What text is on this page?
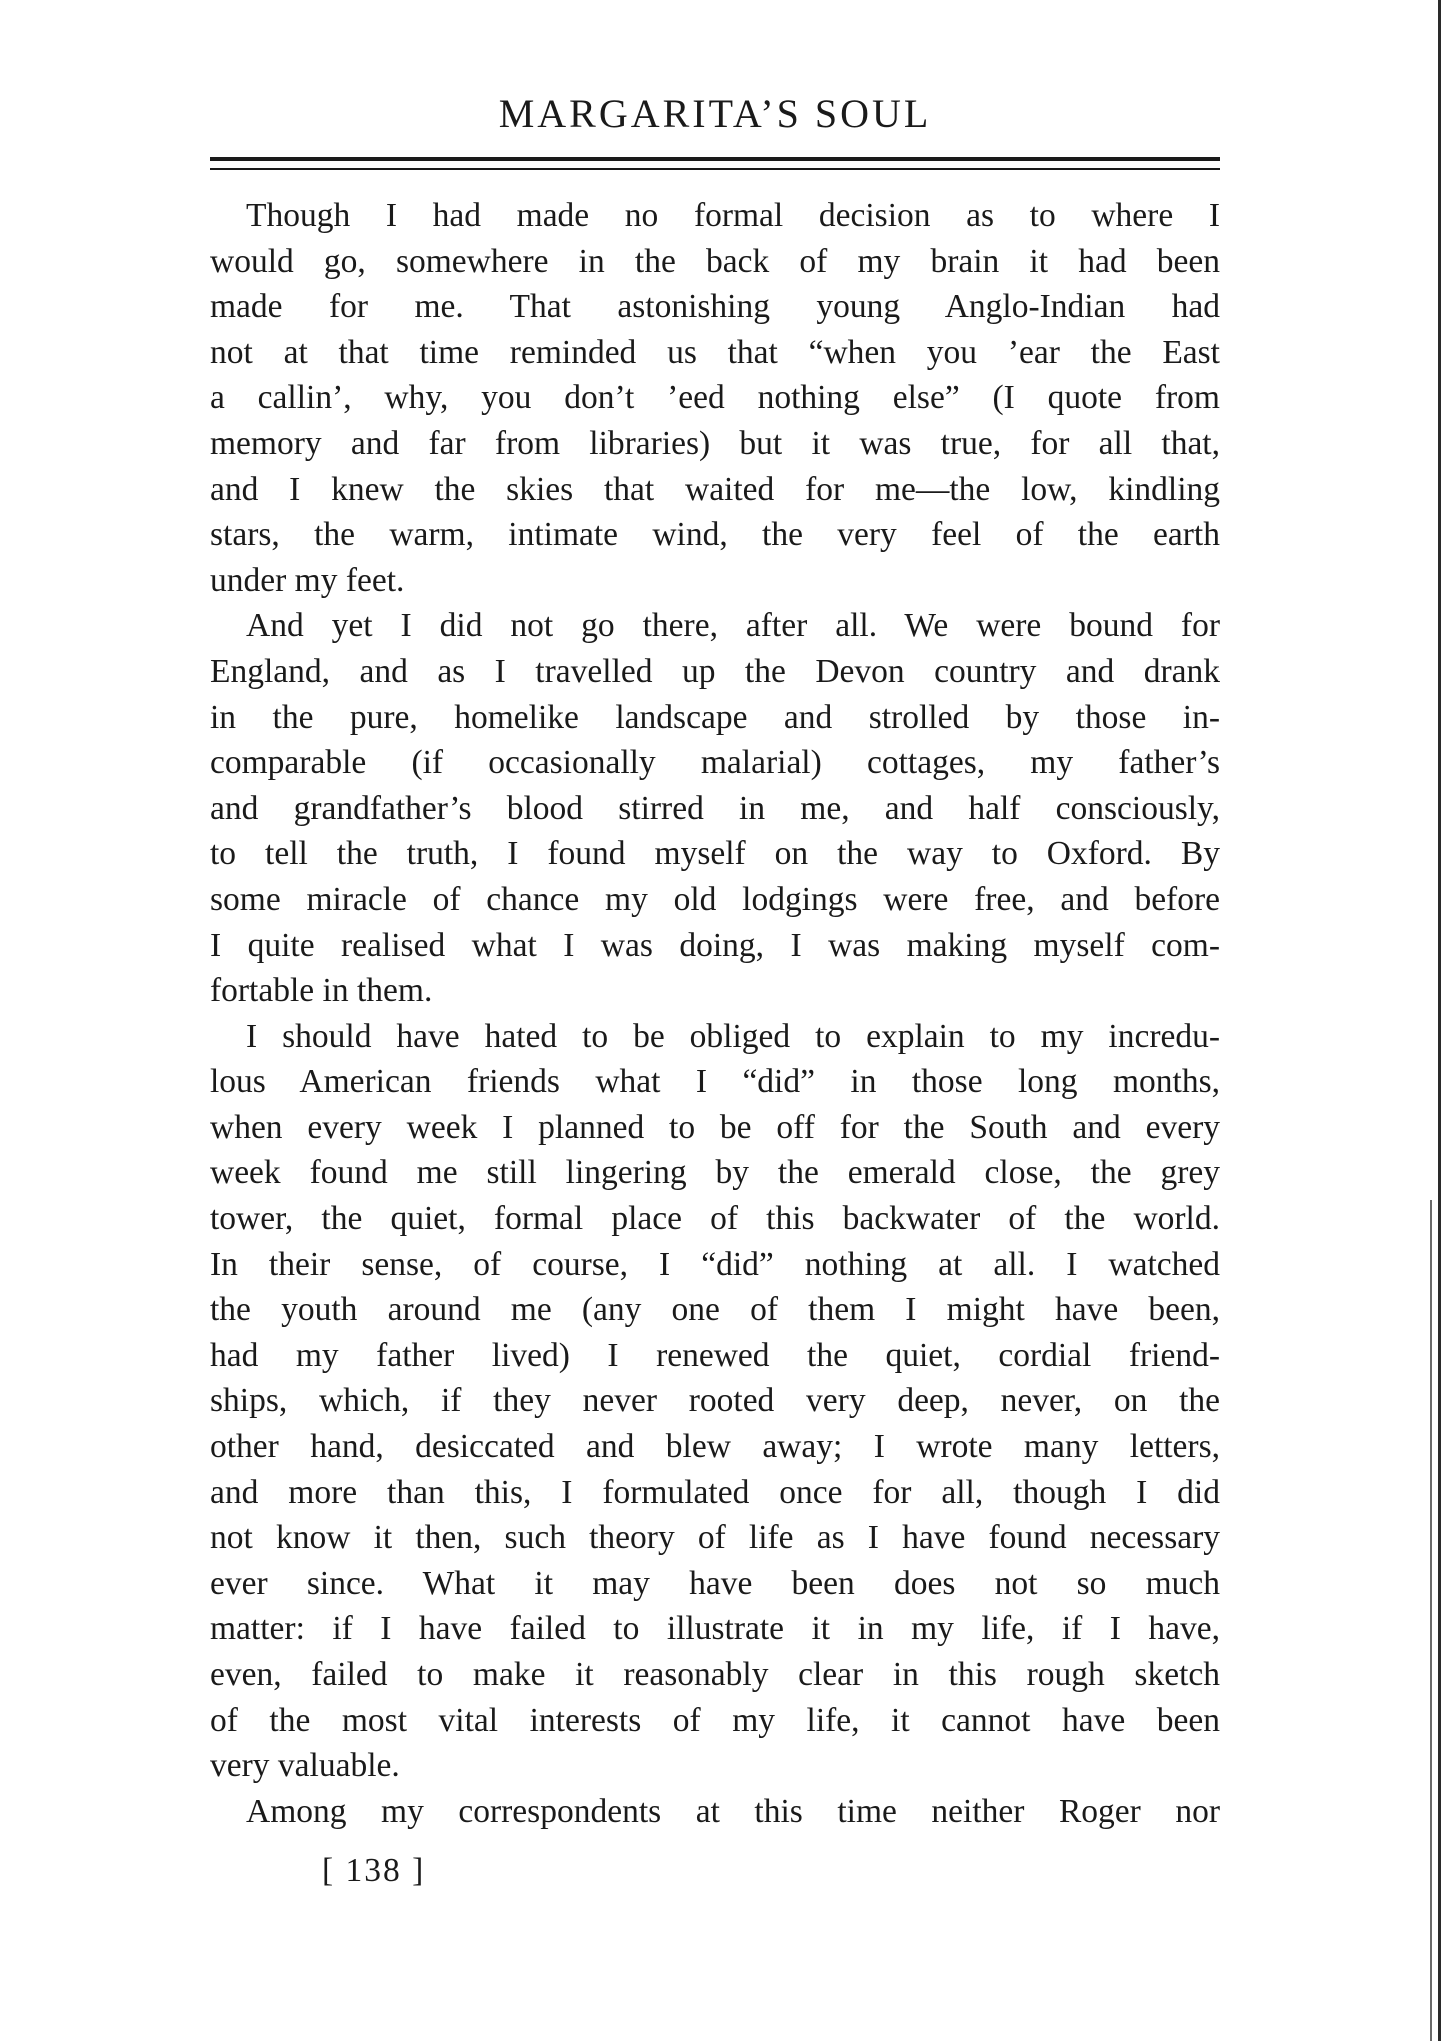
MARGARITA’S SOUL
Though I had made no formal decision as to where I
would go, somewhere in the back of my brain it had been
made for me. That astonishing young Anglo-Indian had
not at that time reminded us that “when you ’ear the East
a callin’, why, you don’t ’eed nothing else” (I quote from
memory and far from libraries) but it was true, for all that,
and I knew the skies that waited for me—the low, kindling
stars, the warm, intimate wind, the very feel of the earth
under my feet.
And yet I did not go there, after all. We were bound for
England, and as I travelled up the Devon country and drank
in the pure, homelike landscape and strolled by those in-
comparable (if occasionally malarial) cottages, my father’s
and grandfather’s blood stirred in me, and half consciously,
to tell the truth, I found myself on the way to Oxford. By
some miracle of chance my old lodgings were free, and before
I quite realised what I was doing, I was making myself com-
fortable in them.
I should have hated to be obliged to explain to my incredu-
lous American friends what I “did” in those long months,
when every week I planned to be off for the South and every
week found me still lingering by the emerald close, the grey
tower, the quiet, formal place of this backwater of the world.
In their sense, of course, I “did” nothing at all. I watched
the youth around me (any one of them I might have been,
had my father lived) I renewed the quiet, cordial friend-
ships, which, if they never rooted very deep, never, on the
other hand, desiccated and blew away; I wrote many letters,
and more than this, I formulated once for all, though I did
not know it then, such theory of life as I have found necessary
ever since. What it may have been does not so much
matter: if I have failed to illustrate it in my life, if I have,
even, failed to make it reasonably clear in this rough sketch
of the most vital interests of my life, it cannot have been
very valuable.
Among my correspondents at this time neither Roger nor
[ 138 ]
